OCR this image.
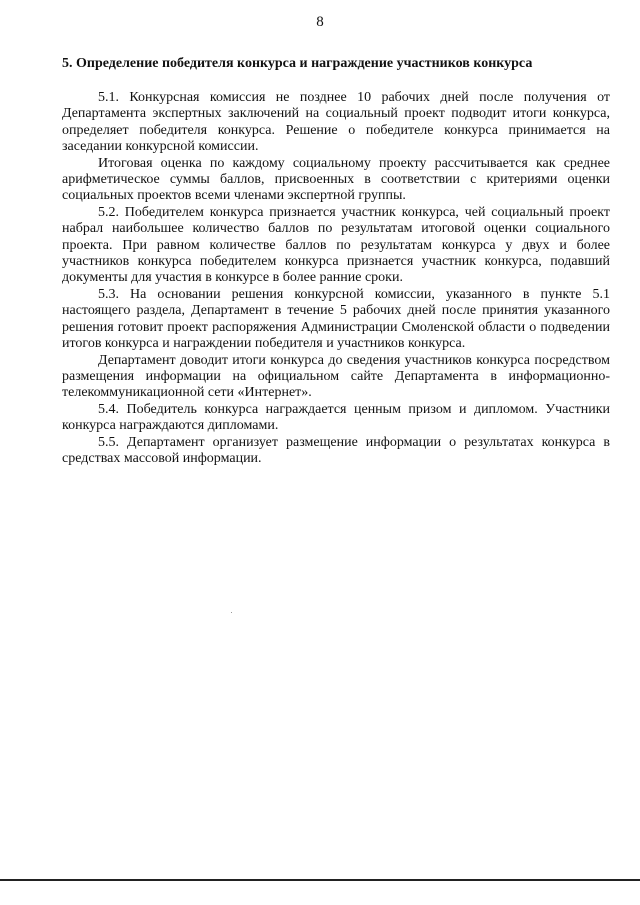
8
5. Определение победителя конкурса и награждение участников конкурса

5.1. Конкурсная комиссия не позднее 10 рабочих дней после получения от Департамента экспертных заключений на социальный проект подводит итоги конкурса, определяет победителя конкурса. Решение о победителе конкурса принимается на заседании конкурсной комиссии.

Итоговая оценка по каждому социальному проекту рассчитывается как среднее арифметическое суммы баллов, присвоенных в соответствии с критериями оценки социальных проектов всеми членами экспертной группы.

5.2. Победителем конкурса признается участник конкурса, чей социальный проект набрал наибольшее количество баллов по результатам итоговой оценки социального проекта. При равном количестве баллов по результатам конкурса у двух и более участников конкурса победителем конкурса признается участник конкурса, подавший документы для участия в конкурсе в более ранние сроки.

5.3. На основании решения конкурсной комиссии, указанного в пункте 5.1 настоящего раздела, Департамент в течение 5 рабочих дней после принятия указанного решения готовит проект распоряжения Администрации Смоленской области о подведении итогов конкурса и награждении победителя и участников конкурса.

Департамент доводит итоги конкурса до сведения участников конкурса посредством размещения информации на официальном сайте Департамента в информационно-телекоммуникационной сети «Интернет».

5.4. Победитель конкурса награждается ценным призом и дипломом. Участники конкурса награждаются дипломами.

5.5. Департамент организует размещение информации о результатах конкурса в средствах массовой информации.
